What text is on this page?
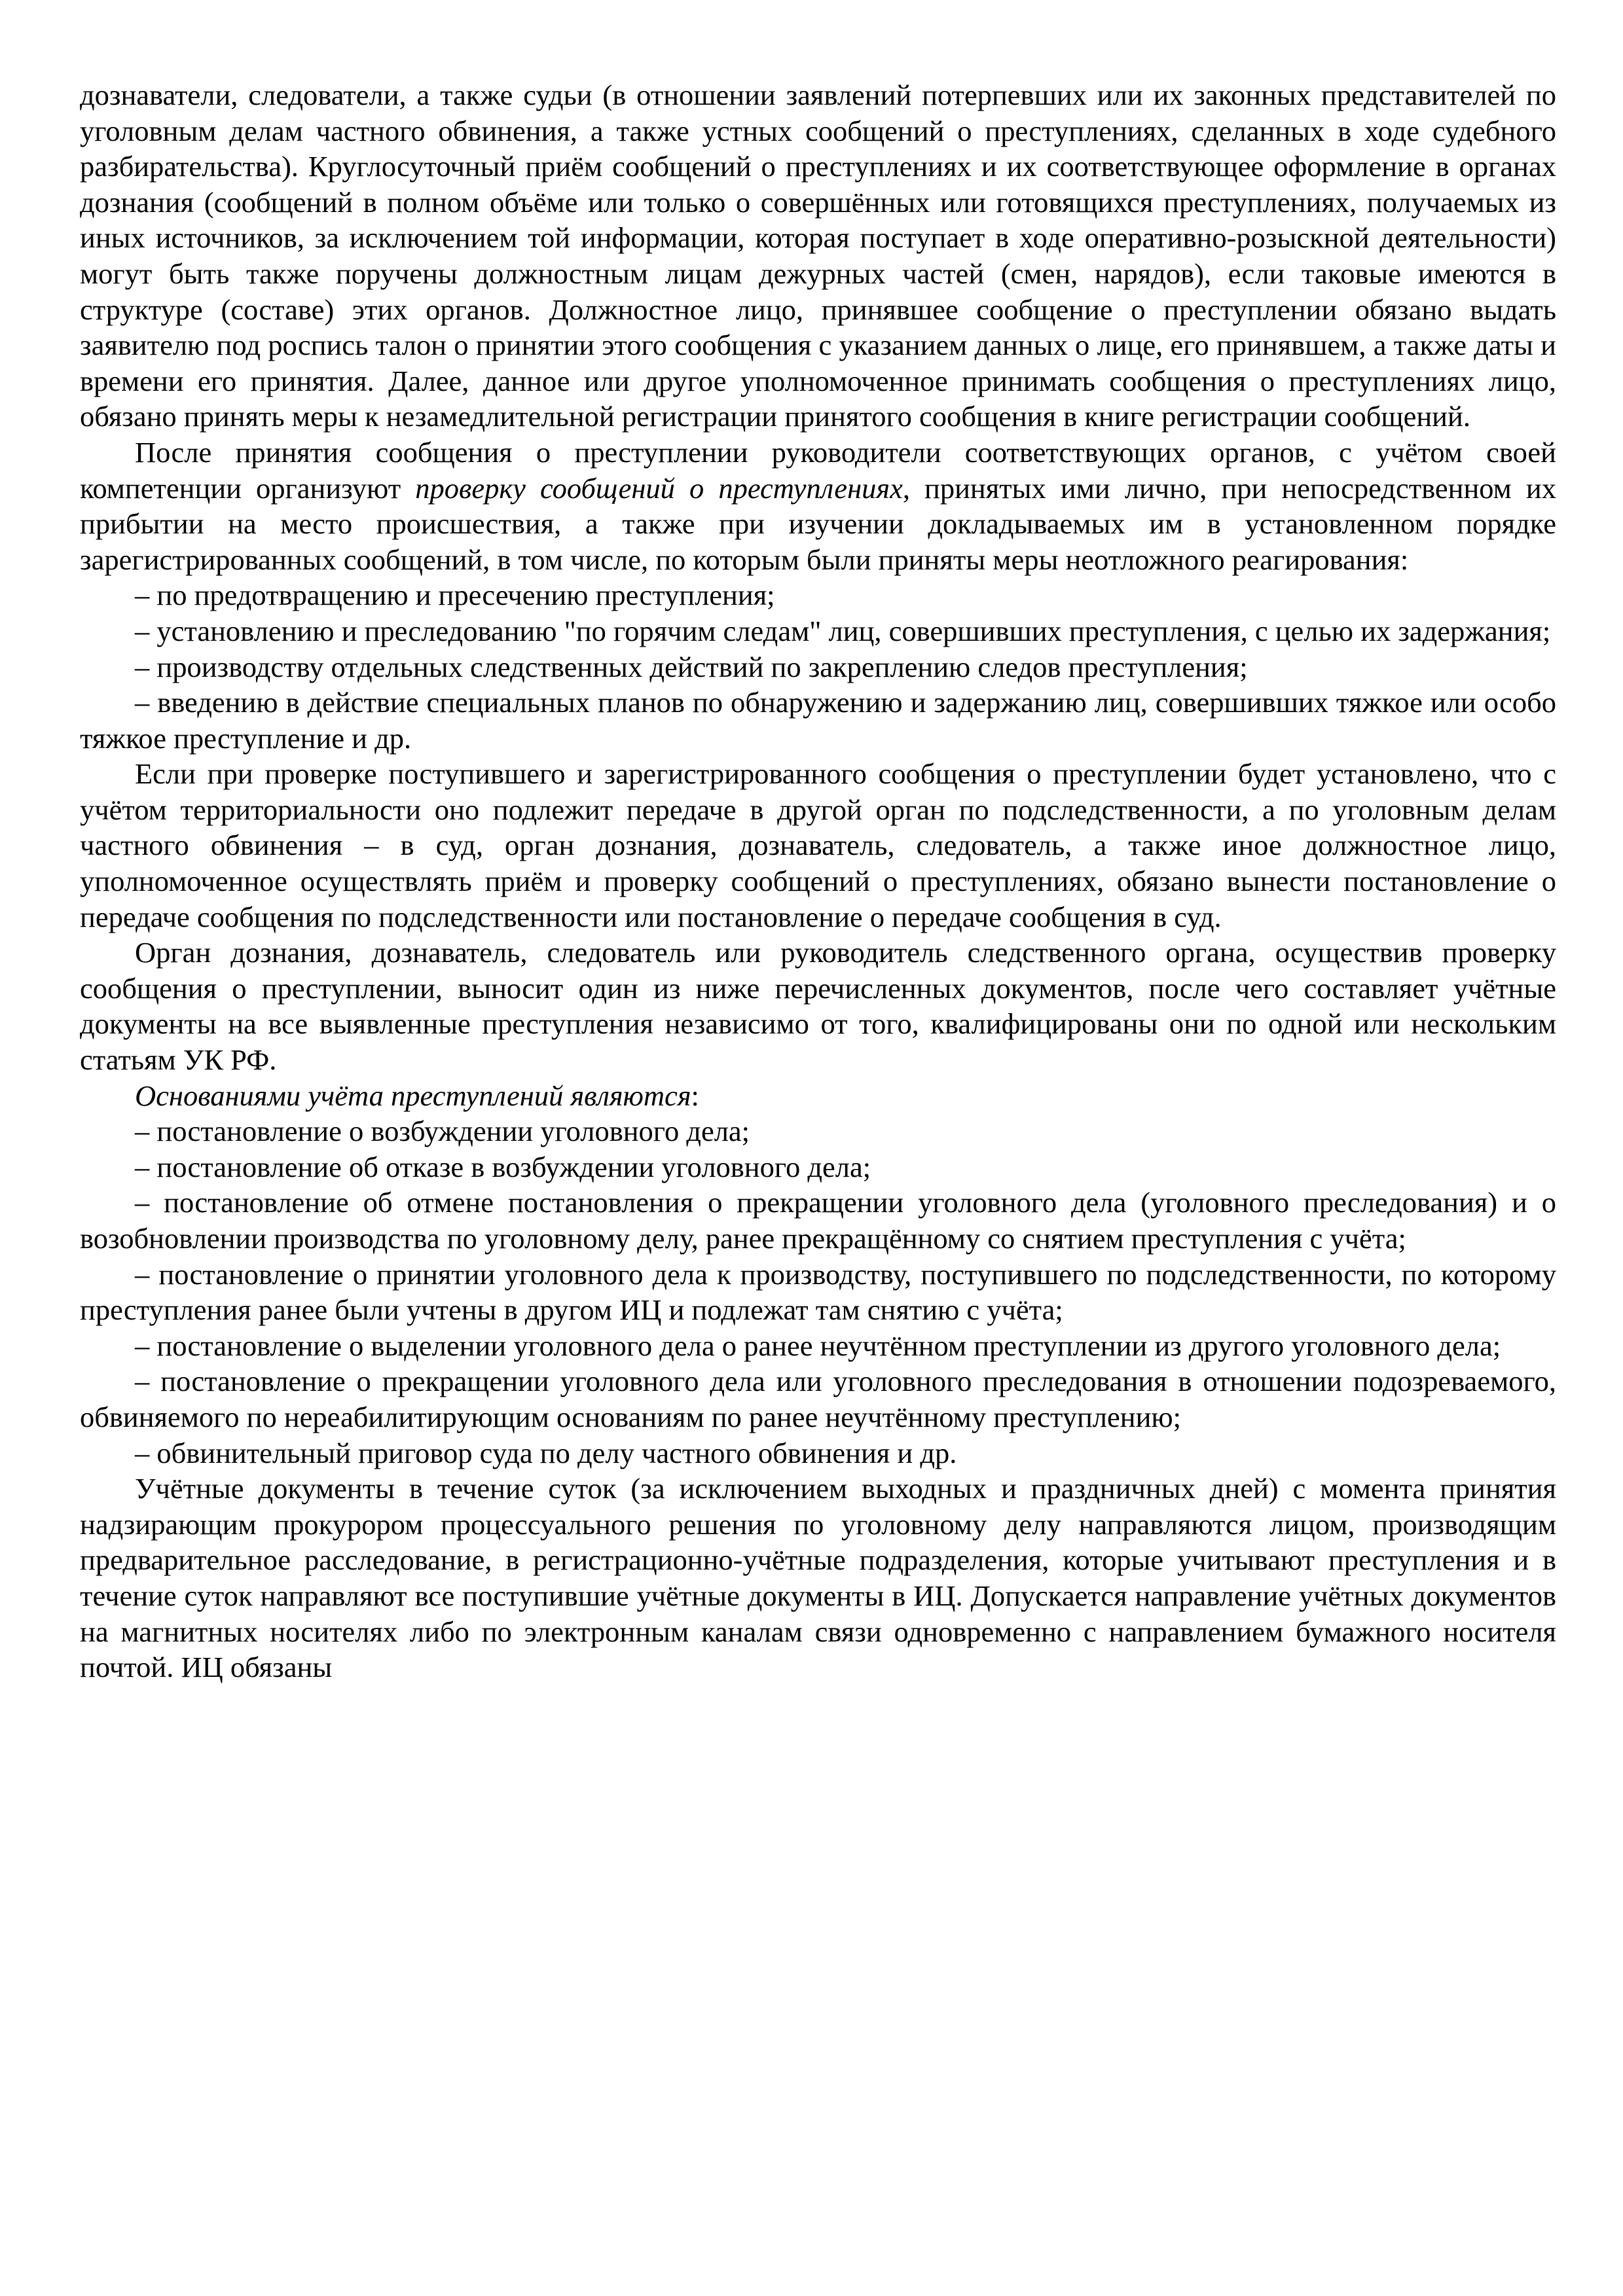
дознаватели, следователи, а также судьи (в отношении заявлений потерпевших или их законных представителей по уголовным делам частного обвинения, а также устных сообщений о преступлениях, сделанных в ходе судебного разбирательства). Круглосуточный приём сообщений о преступлениях и их соответствующее оформление в органах дознания (сообщений в полном объёме или только о совершённых или готовящихся преступлениях, получаемых из иных источников, за исключением той информации, которая поступает в ходе оперативно-розыскной деятельности) могут быть также поручены должностным лицам дежурных частей (смен, нарядов), если таковые имеются в структуре (составе) этих органов. Должностное лицо, принявшее сообщение о преступлении обязано выдать заявителю под роспись талон о принятии этого сообщения с указанием данных о лице, его принявшем, а также даты и времени его принятия. Далее, данное или другое уполномоченное принимать сообщения о преступлениях лицо, обязано принять меры к незамедлительной регистрации принятого сообщения в книге регистрации сообщений.

После принятия сообщения о преступлении руководители соответствующих органов, с учётом своей компетенции организуют проверку сообщений о преступлениях, принятых ими лично, при непосредственном их прибытии на место происшествия, а также при изучении докладываемых им в установленном порядке зарегистрированных сообщений, в том числе, по которым были приняты меры неотложного реагирования:

– по предотвращению и пресечению преступления;

– установлению и преследованию "по горячим следам" лиц, совершивших преступления, с целью их задержания;

– производству отдельных следственных действий по закреплению следов преступления;

– введению в действие специальных планов по обнаружению и задержанию лиц, совершивших тяжкое или особо тяжкое преступление и др.

Если при проверке поступившего и зарегистрированного сообщения о преступлении будет установлено, что с учётом территориальности оно подлежит передаче в другой орган по подследственности, а по уголовным делам частного обвинения – в суд, орган дознания, дознаватель, следователь, а также иное должностное лицо, уполномоченное осуществлять приём и проверку сообщений о преступлениях, обязано вынести постановление о передаче сообщения по подследственности или постановление о передаче сообщения в суд.

Орган дознания, дознаватель, следователь или руководитель следственного органа, осуществив проверку сообщения о преступлении, выносит один из ниже перечисленных документов, после чего составляет учётные документы на все выявленные преступления независимо от того, квалифицированы они по одной или нескольким статьям УК РФ.

Основаниями учёта преступлений являются:

– постановление о возбуждении уголовного дела;

– постановление об отказе в возбуждении уголовного дела;

– постановление об отмене постановления о прекращении уголовного дела (уголовного преследования) и о возобновлении производства по уголовному делу, ранее прекращённому со снятием преступления с учёта;

– постановление о принятии уголовного дела к производству, поступившего по подследственности, по которому преступления ранее были учтены в другом ИЦ и подлежат там снятию с учёта;

– постановление о выделении уголовного дела о ранее неучтённом преступлении из другого уголовного дела;

– постановление о прекращении уголовного дела или уголовного преследования в отношении подозреваемого, обвиняемого по нереабилитирующим основаниям по ранее неучтённому преступлению;

– обвинительный приговор суда по делу частного обвинения и др.

Учётные документы в течение суток (за исключением выходных и праздничных дней) с момента принятия надзирающим прокурором процессуального решения по уголовному делу направляются лицом, производящим предварительное расследование, в регистрационно-учётные подразделения, которые учитывают преступления и в течение суток направляют все поступившие учётные документы в ИЦ. Допускается направление учётных документов на магнитных носителях либо по электронным каналам связи одновременно с направлением бумажного носителя почтой. ИЦ обязаны
